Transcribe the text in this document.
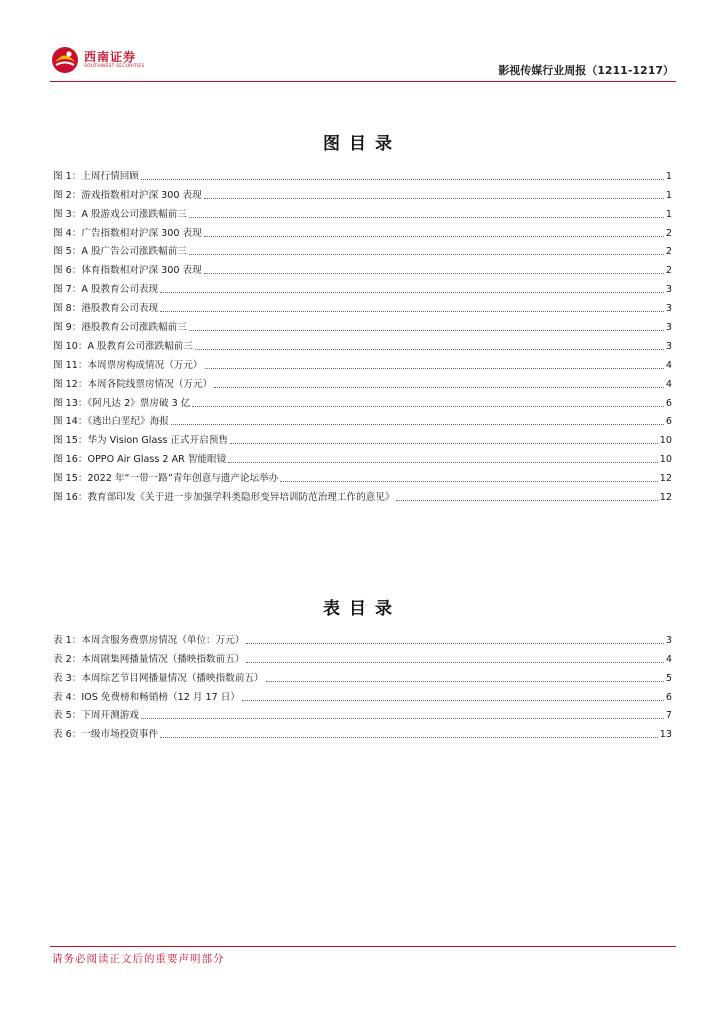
西南证券
SOUTHWEST SECURITIES	影视传媒行业周报（1211-1217）
图目录
图 1：上周行情回顾	1
图 2：游戏指数相对沪深 300 表现	1
图 3：A 股游戏公司涨跌幅前三	1
图 4：广告指数相对沪深 300 表现	2
图 5：A 股广告公司涨跌幅前三	2
图 6：体育指数相对沪深 300 表现	2
图 7：A 股教育公司表现	3
图 8：港股教育公司表现	3
图 9：港股教育公司涨跌幅前三	3
图 10：A 股教育公司涨跌幅前三	3
图 11：本周票房构成情况（万元）	4
图 12：本周各院线票房情况（万元）	4
图 13：《阿凡达 2》票房破 3 亿	6
图 14：《逃出白垩纪》海报	6
图 15：华为 Vision Glass 正式开启预售	10
图 16：OPPO Air Glass 2 AR 智能眼镜	10
图 15：2022 年“一带一路”青年创意与遗产论坛举办	12
图 16：教育部印发《关于进一步加强学科类隐形变异培训防范治理工作的意见》	12
表目录
表 1：本周含服务费票房情况（单位：万元）	3
表 2：本周剧集网播量情况（播映指数前五）	4
表 3：本周综艺节目网播量情况（播映指数前五）	5
表 4：IOS 免费榜和畅销榜（12 月 17 日）	6
表 5：下周开测游戏	7
表 6：一级市场投资事件	13
请务必阅读正文后的重要声明部分
